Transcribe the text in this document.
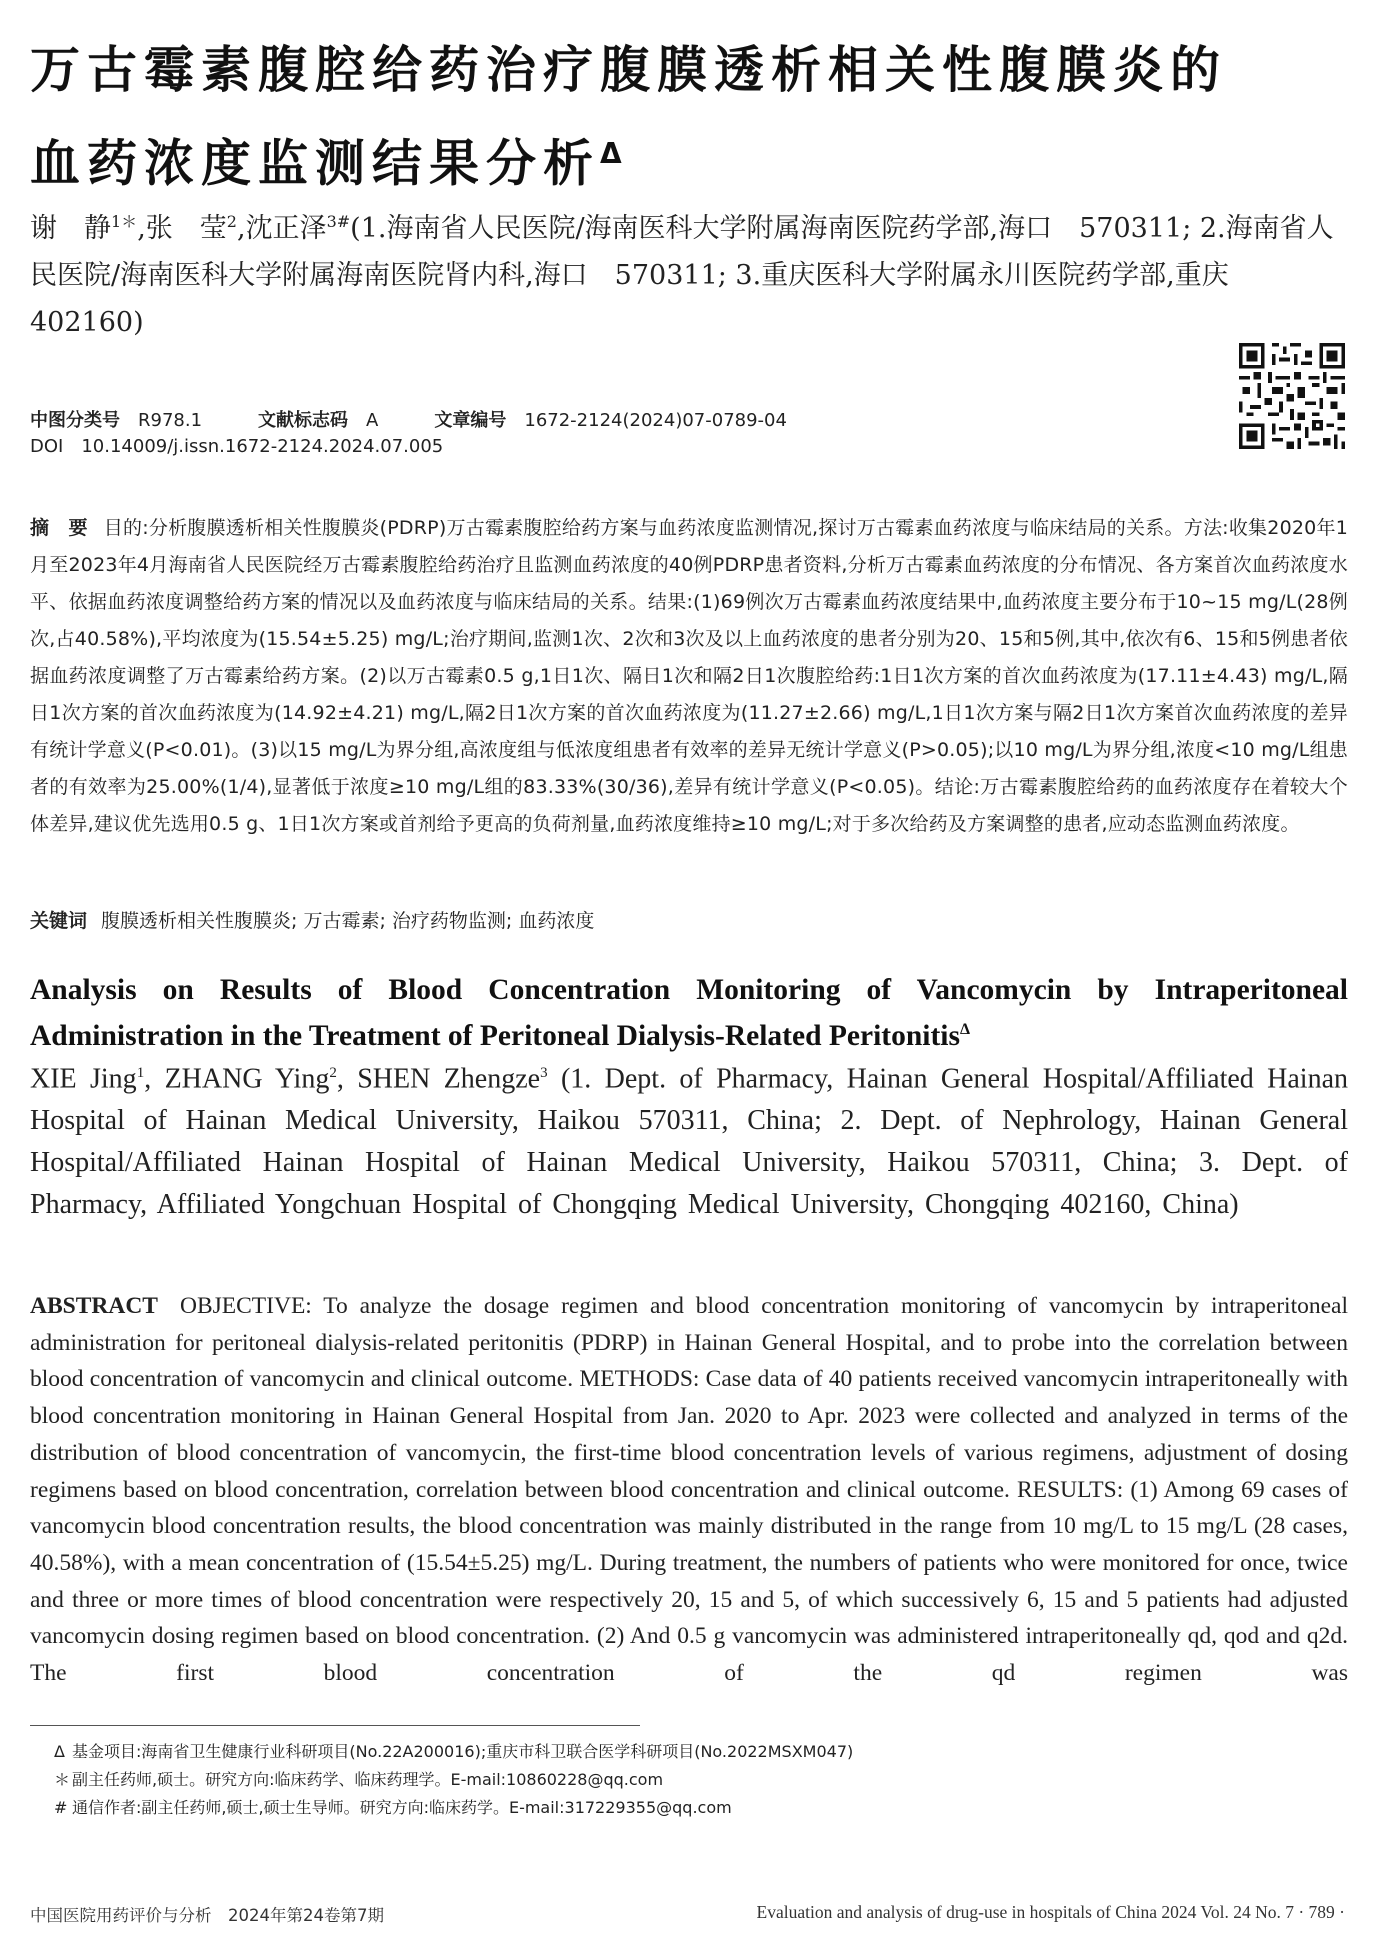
万古霉素腹腔给药治疗腹膜透析相关性腹膜炎的
血药浓度监测结果分析$^\Delta$
谢　静$^{1*}$,张　莹$^2$,沈正泽$^{3\#}$(1.海南省人民医院/海南医科大学附属海南医院药学部,海口　570311; 2.海南省人民医院/海南医科大学附属海南医院肾内科,海口　570311; 3.重庆医科大学附属永川医院药学部,重庆　402160)
中图分类号 R978.1	文献标志码 A	文章编号 1672-2124(2024)07-0789-04
DOI 10.14009/j.issn.1672-2124.2024.07.005

摘　要 目的:分析腹膜透析相关性腹膜炎(PDRP)万古霉素腹腔给药方案与血药浓度监测情况,探讨万古霉素血药浓度与临床结局的关系。方法:收集2020年1月至2023年4月海南省人民医院经万古霉素腹腔给药治疗且监测血药浓度的40例PDRP患者资料,分析万古霉素血药浓度的分布情况、各方案首次血药浓度水平、依据血药浓度调整给药方案的情况以及血药浓度与临床结局的关系。结果:(1)69例次万古霉素血药浓度结果中,血药浓度主要分布于10~15 mg/L(28例次,占40.58%),平均浓度为(15.54±5.25) mg/L;治疗期间,监测1次、2次和3次及以上血药浓度的患者分别为20、15和5例,其中,依次有6、15和5例患者依据血药浓度调整了万古霉素给药方案。(2)以万古霉素0.5 g,1日1次、隔日1次和隔2日1次腹腔给药:1日1次方案的首次血药浓度为(17.11±4.43) mg/L,隔日1次方案的首次血药浓度为(14.92±4.21) mg/L,隔2日1次方案的首次血药浓度为(11.27±2.66) mg/L,1日1次方案与隔2日1次方案首次血药浓度的差异有统计学意义(P<0.01)。(3)以15 mg/L为界分组,高浓度组与低浓度组患者有效率的差异无统计学意义(P>0.05);以10 mg/L为界分组,浓度<10 mg/L组患者的有效率为25.00%(1/4),显著低于浓度≥10 mg/L组的83.33%(30/36),差异有统计学意义(P<0.05)。结论:万古霉素腹腔给药的血药浓度存在着较大个体差异,建议优先选用0.5 g、1日1次方案或首剂给予更高的负荷剂量,血药浓度维持≥10 mg/L;对于多次给药及方案调整的患者,应动态监测血药浓度。

关键词 腹膜透析相关性腹膜炎; 万古霉素; 治疗药物监测; 血药浓度

Analysis on Results of Blood Concentration Monitoring of Vancomycin by Intraperitoneal Administration in the Treatment of Peritoneal Dialysis-Related Peritonitis$^\Delta$

XIE Jing$^1$, ZHANG Ying$^2$, SHEN Zhengze$^3$ (1. Dept. of Pharmacy, Hainan General Hospital/Affiliated Hainan Hospital of Hainan Medical University, Haikou 570311, China; 2. Dept. of Nephrology, Hainan General Hospital/Affiliated Hainan Hospital of Hainan Medical University, Haikou 570311, China; 3. Dept. of Pharmacy, Affiliated Yongchuan Hospital of Chongqing Medical University, Chongqing 402160, China)

ABSTRACT OBJECTIVE: To analyze the dosage regimen and blood concentration monitoring of vancomycin by intraperitoneal administration for peritoneal dialysis-related peritonitis (PDRP) in Hainan General Hospital, and to probe into the correlation between blood concentration of vancomycin and clinical outcome. METHODS: Case data of 40 patients received vancomycin intraperitoneally with blood concentration monitoring in Hainan General Hospital from Jan. 2020 to Apr. 2023 were collected and analyzed in terms of the distribution of blood concentration of vancomycin, the first-time blood concentration levels of various regimens, adjustment of dosing regimens based on blood concentration, correlation between blood concentration and clinical outcome. RESULTS: (1) Among 69 cases of vancomycin blood concentration results, the blood concentration was mainly distributed in the range from 10 mg/L to 15 mg/L (28 cases, 40.58%), with a mean concentration of (15.54±5.25) mg/L. During treatment, the numbers of patients who were monitored for once, twice and three or more times of blood concentration were respectively 20, 15 and 5, of which successively 6, 15 and 5 patients had adjusted vancomycin dosing regimen based on blood concentration. (2) And 0.5 g vancomycin was administered intraperitoneally qd, qod and q2d. The first blood concentration of the qd regimen was

Δ 基金项目:海南省卫生健康行业科研项目(No.22A200016);重庆市科卫联合医学科研项目(No.2022MSXM047)

＊ 副主任药师,硕士。研究方向:临床药学、临床药理学。E-mail:10860228@qq.com

# 通信作者:副主任药师,硕士,硕士生导师。研究方向:临床药学。E-mail:317229355@qq.com

中国医院用药评价与分析　2024年第24卷第7期	Evaluation and analysis of drug-use in hospitals of China 2024 Vol. 24 No. 7 · 789 ·
